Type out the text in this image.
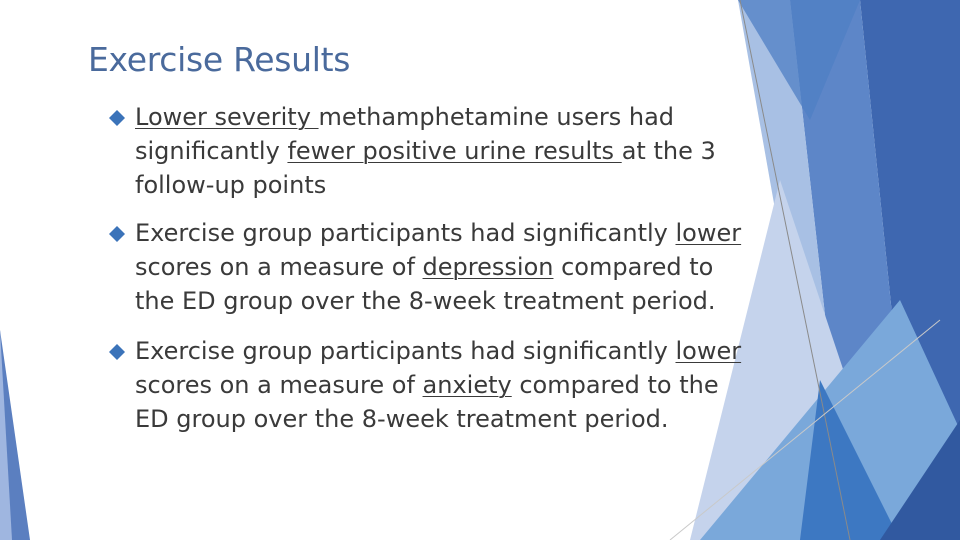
Exercise Results
Lower severity methamphetamine users had significantly fewer positive urine results at the 3 follow-up points
Exercise group participants had significantly lower scores on a measure of depression compared to the ED group over the 8-week treatment period.
Exercise group participants had significantly lower scores on a measure of anxiety compared to the ED group over the 8-week treatment period.
